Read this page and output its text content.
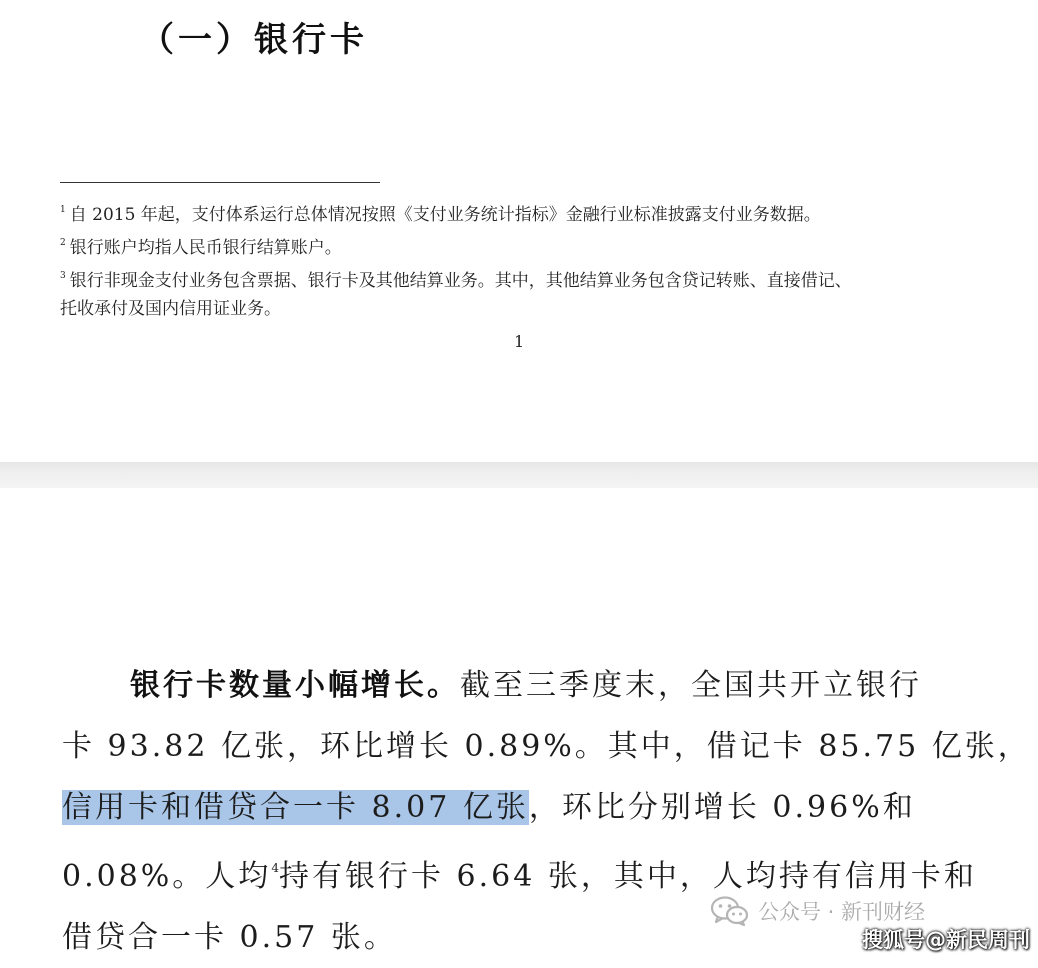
（一）银行卡
$^1$ 自 2015 年起，支付体系运行总体情况按照《支付业务统计指标》金融行业标准披露支付业务数据。
$^2$ 银行账户均指人民币银行结算账户。
$^3$ 银行非现金支付业务包含票据、银行卡及其他结算业务。其中，其他结算业务包含贷记转账、直接借记、
托收承付及国内信用证业务。
1
银行卡数量小幅增长。截至三季度末，全国共开立银行
卡 93.82 亿张，环比增长 0.89%。其中，借记卡 85.75 亿张，
信用卡和借贷合一卡 8.07 亿张，环比分别增长 0.96%和
0.08%。人均$^4$持有银行卡 6.64 张，其中，人均持有信用卡和
借贷合一卡 0.57 张。
公众号 · 新刊财经
搜狐号@新民周刊
